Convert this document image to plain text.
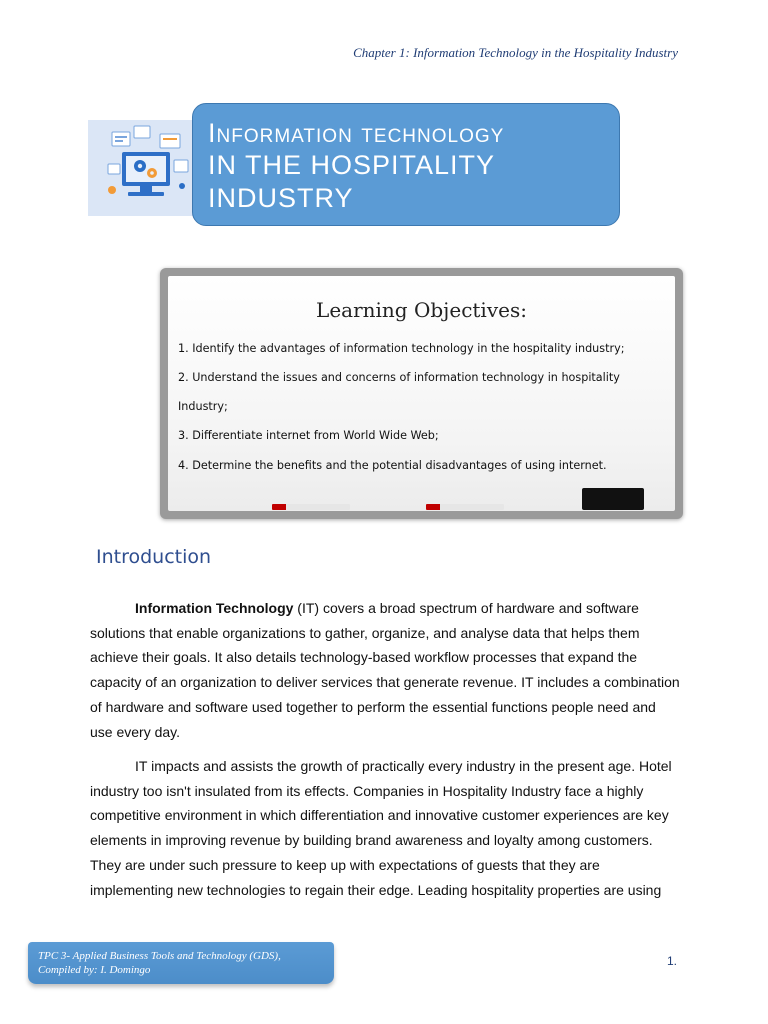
Chapter 1: Information Technology in the Hospitality Industry
Information technology
IN THE HOSPITALITY
INDUSTRY
Learning Objectives:
1. Identify the advantages of information technology in the hospitality industry;
2. Understand the issues and concerns of information technology in hospitality
Industry;
3. Differentiate internet from World Wide Web;
4. Determine the benefits and the potential disadvantages of using internet.
Introduction

Information Technology (IT) covers a broad spectrum of hardware and software solutions that enable organizations to gather, organize, and analyse data that helps them achieve their goals. It also details technology-based workflow processes that expand the capacity of an organization to deliver services that generate revenue. IT includes a combination of hardware and software used together to perform the essential functions people need and use every day.

IT impacts and assists the growth of practically every industry in the present age. Hotel industry too isn't insulated from its effects. Companies in Hospitality Industry face a highly competitive environment in which differentiation and innovative customer experiences are key elements in improving revenue by building brand awareness and loyalty among customers. They are under such pressure to keep up with expectations of guests that they are implementing new technologies to regain their edge. Leading hospitality properties are using

TPC 3- Applied Business Tools and Technology (GDS),
Compiled by: I. Domingo
1.
